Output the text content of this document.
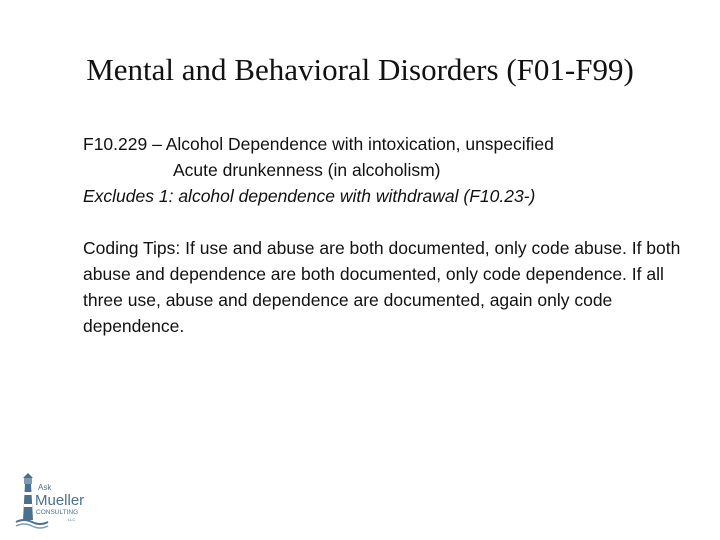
Mental and Behavioral Disorders (F01-F99)
F10.229 – Alcohol Dependence with intoxication, unspecified
Acute drunkenness (in alcoholism)
Excludes 1: alcohol dependence with withdrawal (F10.23-)
Coding Tips: If use and abuse are both documented, only code abuse. If both abuse and dependence are both documented, only code dependence. If all three use, abuse and dependence are documented, again only code dependence.
Ask
Mueller
CONSULTING
LLC
